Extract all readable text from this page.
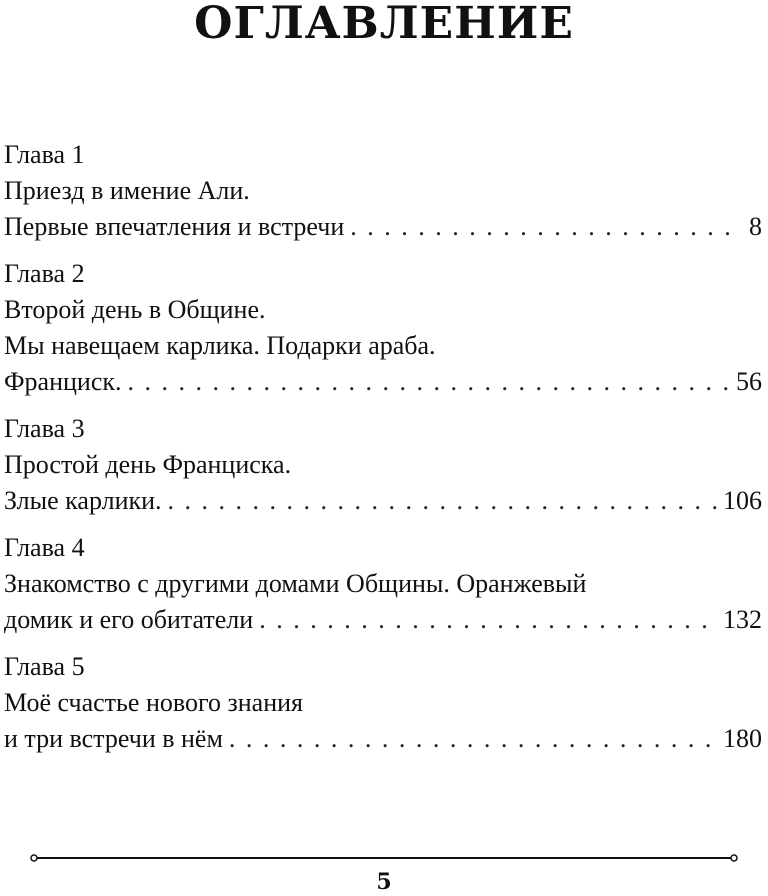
ОГЛАВЛЕНИЕ
Глава 1
Приезд в имение Али.
Первые впечатления и встречи . . .	8
Глава 2
Второй день в Общине.
Мы навещаем карлика. Подарки араба.
Франциск. . . .	56
Глава 3
Простой день Франциска.
Злые карлики. . . .	106
Глава 4
Знакомство с другими домами Общины. Оранжевый
домик и его обитатели . . .	132
Глава 5
Моё счастье нового знания
и три встречи в нём . . .	180
5
